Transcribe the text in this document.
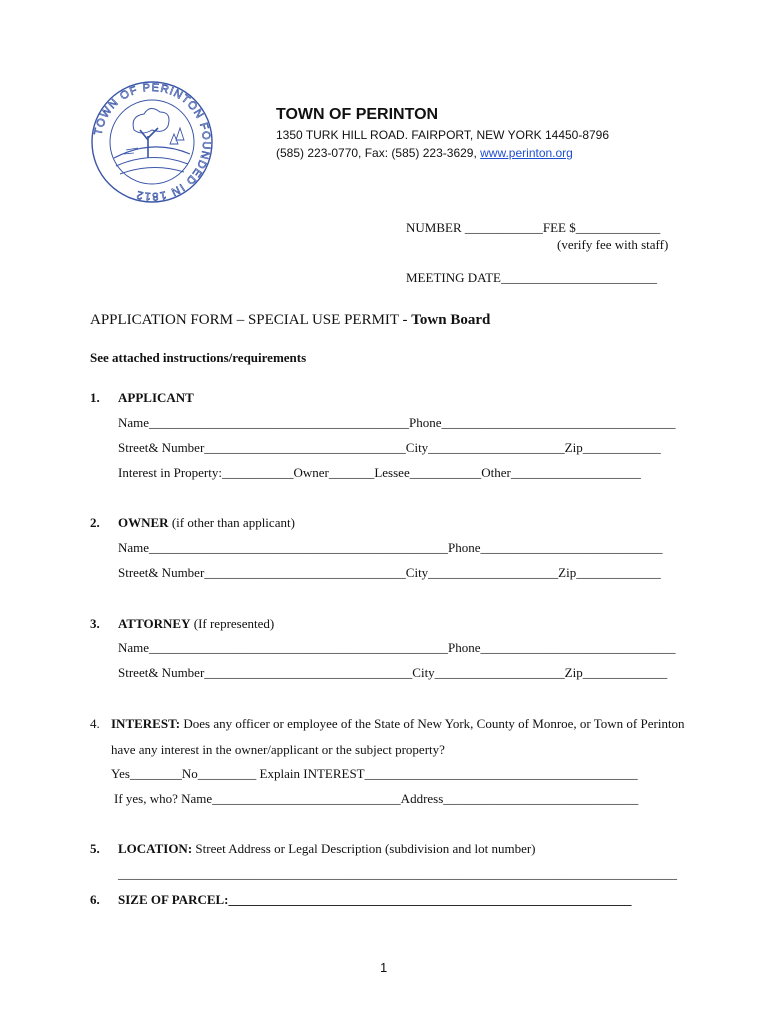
TOWN OF PERINTON FOUNDED IN 1812
TOWN OF PERINTON
1350 TURK HILL ROAD. FAIRPORT, NEW YORK 14450-8796
(585) 223-0770, Fax: (585) 223-3629, www.perinton.org
NUMBER ____________FEE $_____________
(verify fee with staff)
MEETING DATE________________________
APPLICATION FORM – SPECIAL USE PERMIT - Town Board
See attached instructions/requirements
1. APPLICANT
Name________________________________________Phone____________________________________
Street& Number_______________________________City_____________________Zip____________
Interest in Property:___________Owner_______Lessee___________Other____________________
2. OWNER (if other than applicant)
Name______________________________________________Phone____________________________
Street& Number_______________________________City____________________Zip_____________
3. ATTORNEY (If represented)
Name______________________________________________Phone______________________________
Street& Number________________________________City____________________Zip_____________
4. INTEREST: Does any officer or employee of the State of New York, County of Monroe, or Town of Perinton
have any interest in the owner/applicant or the subject property?
Yes________No_________ Explain INTEREST__________________________________________
If yes, who? Name_____________________________Address______________________________
5. LOCATION: Street Address or Legal Description (subdivision and lot number)
______________________________________________________________________________________
6. SIZE OF PARCEL:______________________________________________________________
1
